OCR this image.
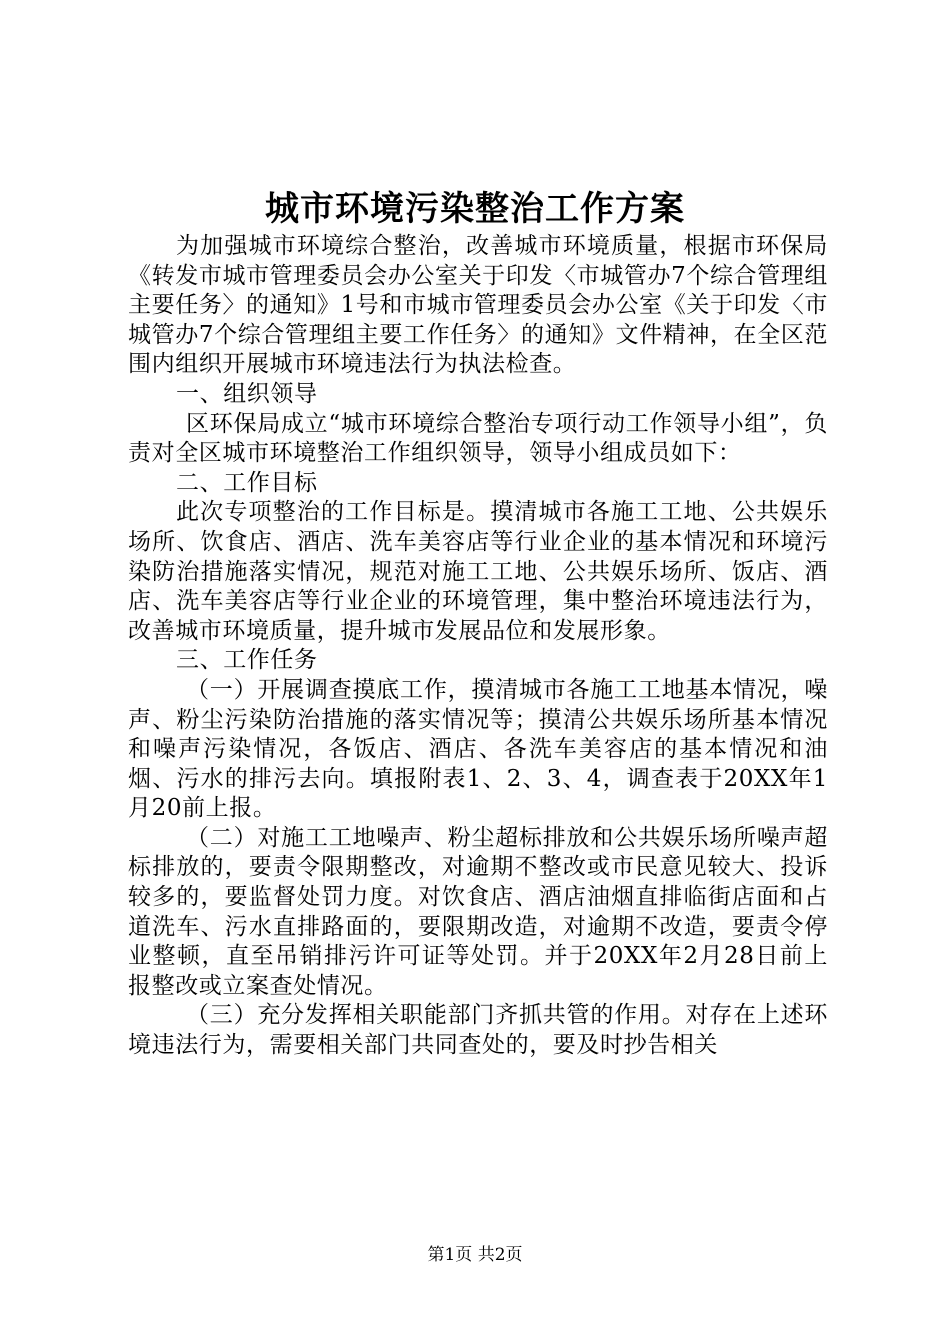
城市环境污染整治工作方案

为加强城市环境综合整治，改善城市环境质量，根据市环保局《转发市城市管理委员会办公室关于印发〈市城管办7个综合管理组主要任务〉的通知》1号和市城市管理委员会办公室《关于印发〈市城管办7个综合管理组主要工作任务〉的通知》文件精神，在全区范围内组织开展城市环境违法行为执法检查。

一、组织领导

区环保局成立“城市环境综合整治专项行动工作领导小组”，负责对全区城市环境整治工作组织领导，领导小组成员如下：

二、工作目标

此次专项整治的工作目标是。摸清城市各施工工地、公共娱乐场所、饮食店、酒店、洗车美容店等行业企业的基本情况和环境污染防治措施落实情况，规范对施工工地、公共娱乐场所、饭店、酒店、洗车美容店等行业企业的环境管理，集中整治环境违法行为，改善城市环境质量，提升城市发展品位和发展形象。

三、工作任务

（一）开展调查摸底工作，摸清城市各施工工地基本情况，噪声、粉尘污染防治措施的落实情况等；摸清公共娱乐场所基本情况和噪声污染情况，各饭店、酒店、各洗车美容店的基本情况和油烟、污水的排污去向。填报附表1、2、3、4，调查表于20XX年1月20前上报。

（二）对施工工地噪声、粉尘超标排放和公共娱乐场所噪声超标排放的，要责令限期整改，对逾期不整改或市民意见较大、投诉较多的，要监督处罚力度。对饮食店、酒店油烟直排临街店面和占道洗车、污水直排路面的，要限期改造，对逾期不改造，要责令停业整顿，直至吊销排污许可证等处罚。并于20XX年2月28日前上报整改或立案查处情况。

（三）充分发挥相关职能部门齐抓共管的作用。对存在上述环境违法行为，需要相关部门共同查处的，要及时抄告相关

第1页 共2页
